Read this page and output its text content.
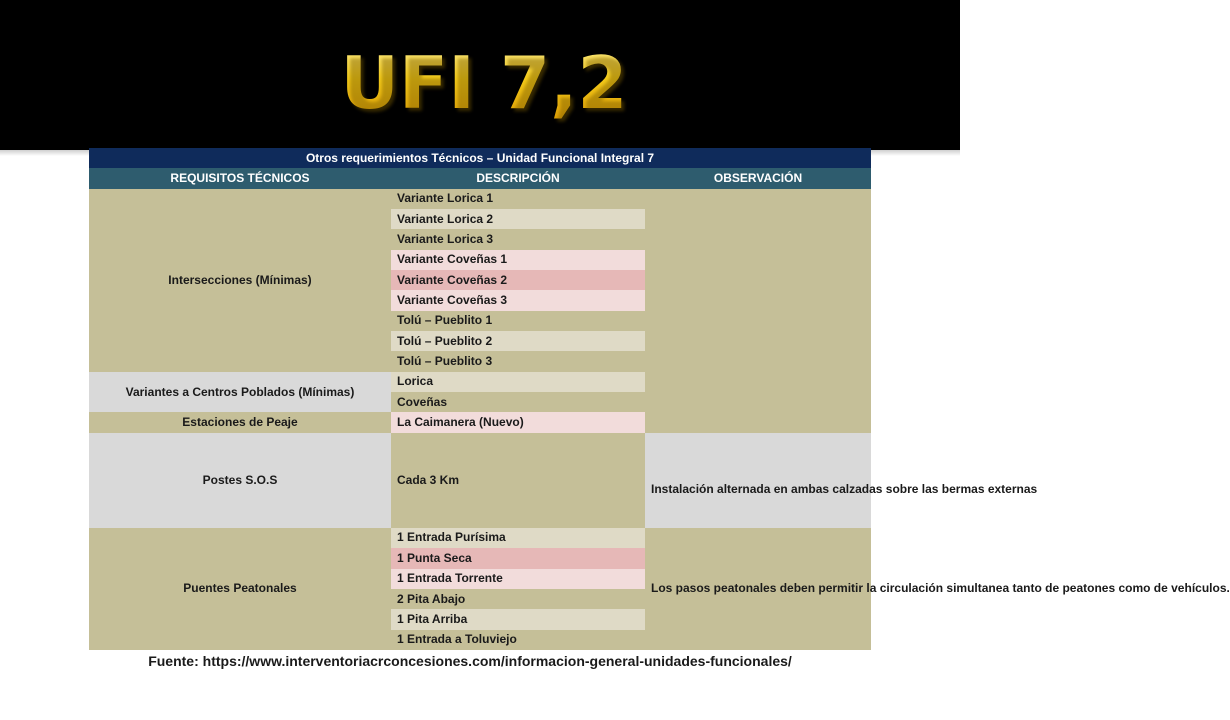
UFI 7,2
Otros requerimientos Técnicos – Unidad Funcional Integral 7		
REQUISITOS TÉCNICOS	DESCRIPCIÓN	OBSERVACIÓN
Intersecciones (Mínimas)	Variante Lorica 1	
	Variante Lorica 2	
	Variante Lorica 3	
	Variante Coveñas 1	
	Variante Coveñas 2	
	Variante Coveñas 3	
	Tolú – Pueblito 1	
	Tolú – Pueblito 2	
	Tolú – Pueblito 3	
Variantes a Centros Poblados (Mínimas)	Lorica	
	Coveñas	
Estaciones de Peaje	La Caimanera (Nuevo)	
Postes S.O.S	Cada 3 Km	Instalación alternada en ambas calzadas sobre las bermas externas
Puentes Peatonales	1 Entrada Purísima	Los pasos peatonales deben permitir la circulación simultanea tanto de peatones como de vehículos.
	1 Punta Seca	
	1 Entrada Torrente	
	2 Pita Abajo	
	1 Pita Arriba	
	1 Entrada a Toluviejo	
Fuente: https://www.interventoriacrconcesiones.com/informacion-general-unidades-funcionales/
